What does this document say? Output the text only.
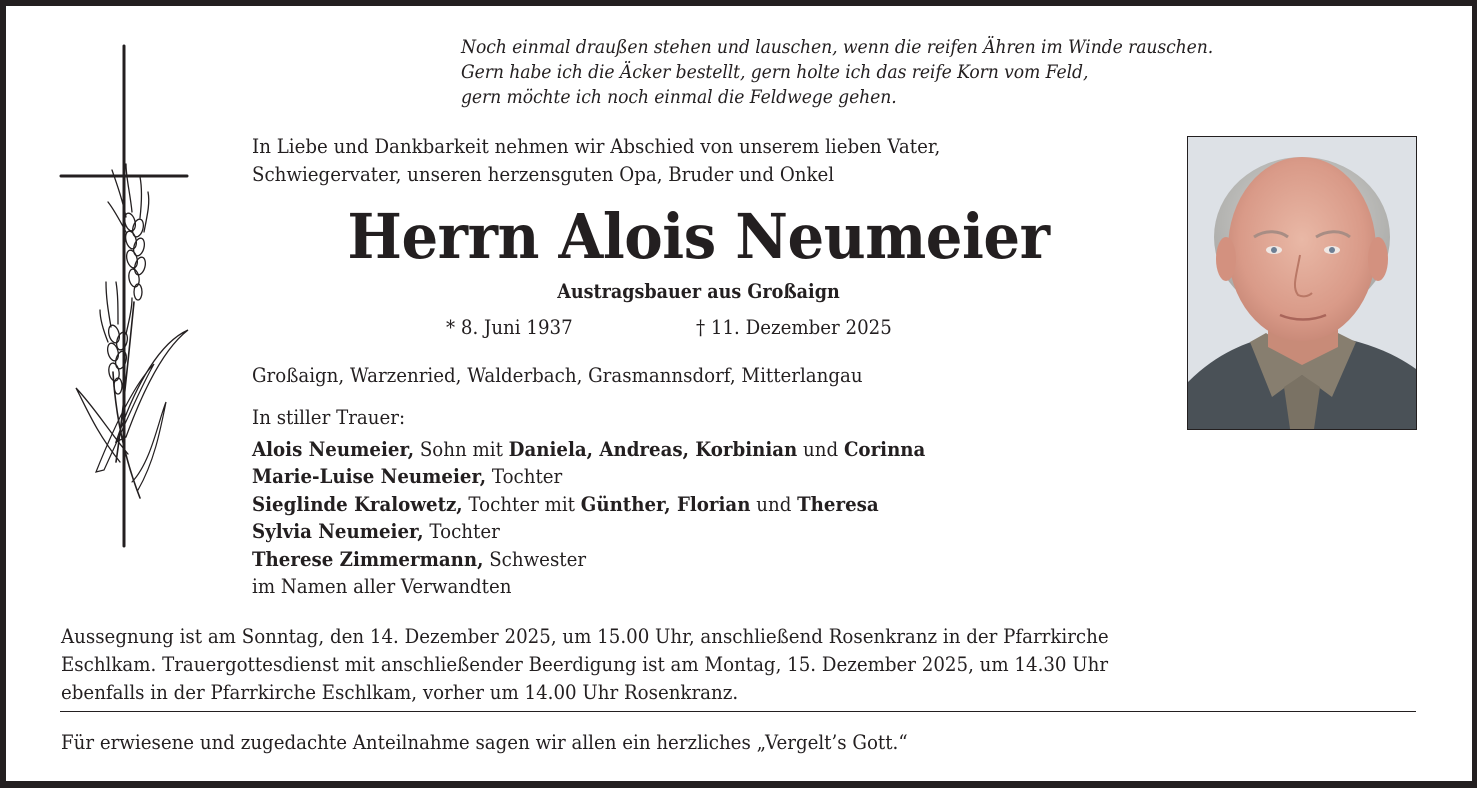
Noch einmal draußen stehen und lauschen, wenn die reifen Ähren im Winde rauschen.
Gern habe ich die Äcker bestellt, gern holte ich das reife Korn vom Feld,
gern möchte ich noch einmal die Feldwege gehen.
In Liebe und Dankbarkeit nehmen wir Abschied von unserem lieben Vater,
Schwiegervater, unseren herzensguten Opa, Bruder und Onkel
Herrn Alois Neumeier
Austragsbauer aus Großaign
* 8. Juni 1937	† 11. Dezember 2025
Großaign, Warzenried, Walderbach, Grasmannsdorf, Mitterlangau
In stiller Trauer:
Alois Neumeier, Sohn mit Daniela, Andreas, Korbinian und Corinna
Marie-Luise Neumeier, Tochter
Sieglinde Kralowetz, Tochter mit Günther, Florian und Theresa
Sylvia Neumeier, Tochter
Therese Zimmermann, Schwester
im Namen aller Verwandten
Aussegnung ist am Sonntag, den 14. Dezember 2025, um 15.00 Uhr, anschließend Rosenkranz in der Pfarrkirche
Eschlkam. Trauergottesdienst mit anschließender Beerdigung ist am Montag, 15. Dezember 2025, um 14.30 Uhr
ebenfalls in der Pfarrkirche Eschlkam, vorher um 14.00 Uhr Rosenkranz.
Für erwiesene und zugedachte Anteilnahme sagen wir allen ein herzliches „Vergelt’s Gott.“
